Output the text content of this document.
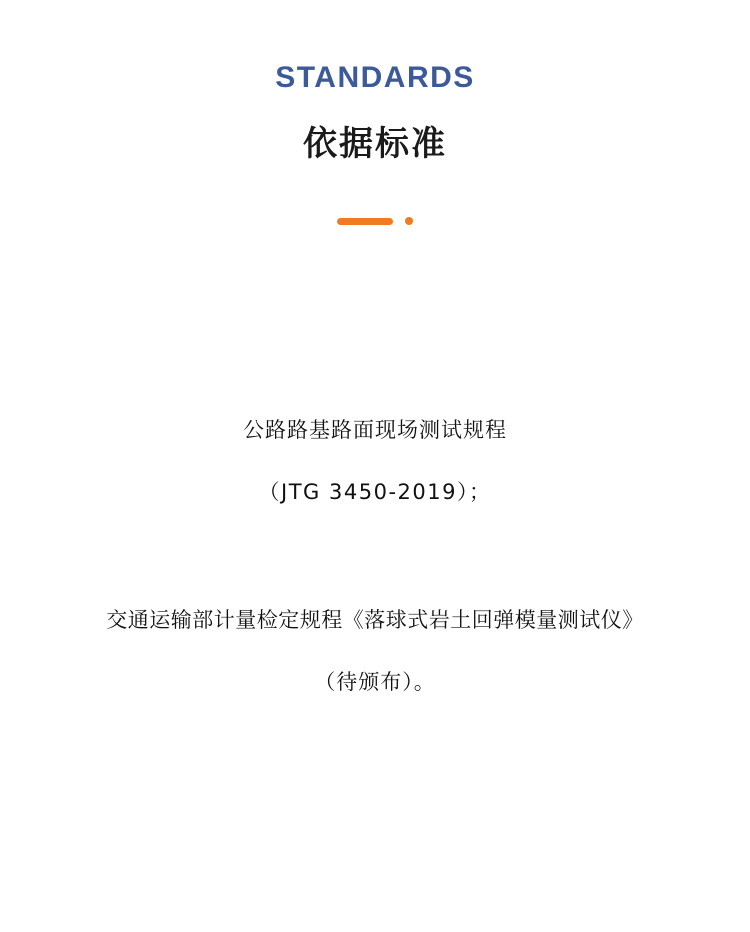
STANDARDS
依据标准

公路路基路面现场测试规程

（JTG 3450-2019）；

交通运输部计量检定规程《落球式岩土回弹模量测试仪》

（待颁布）。
